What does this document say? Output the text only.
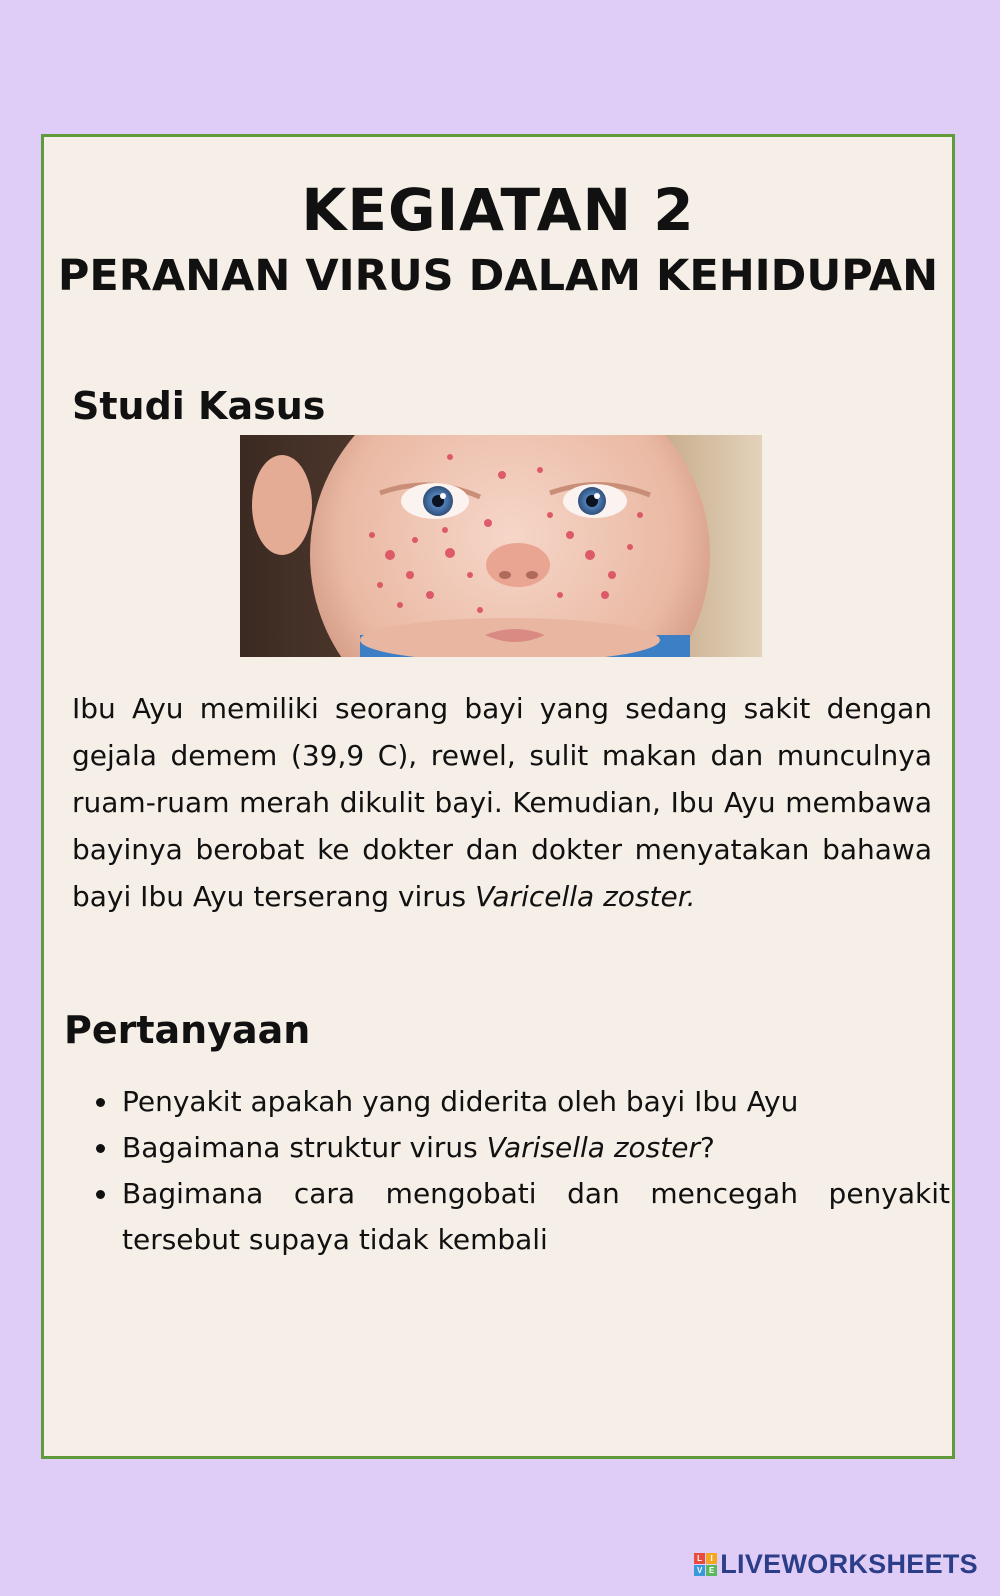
KEGIATAN 2
PERANAN VIRUS DALAM KEHIDUPAN
Studi Kasus

Ibu Ayu memiliki seorang bayi yang sedang sakit dengan gejala demem (39,9 C), rewel, sulit makan dan munculnya ruam-ruam merah dikulit bayi. Kemudian, Ibu Ayu membawa bayinya berobat ke dokter dan dokter menyatakan bahawa bayi Ibu Ayu terserang virus Varicella zoster.

Pertanyaan
• Penyakit apakah yang diderita oleh bayi Ibu Ayu
• Bagaimana struktur virus Varisella zoster?
• Bagimana cara mengobati dan mencegah penyakit tersebut supaya tidak kembali
L	I
V E LIVEWORKSHEETS
